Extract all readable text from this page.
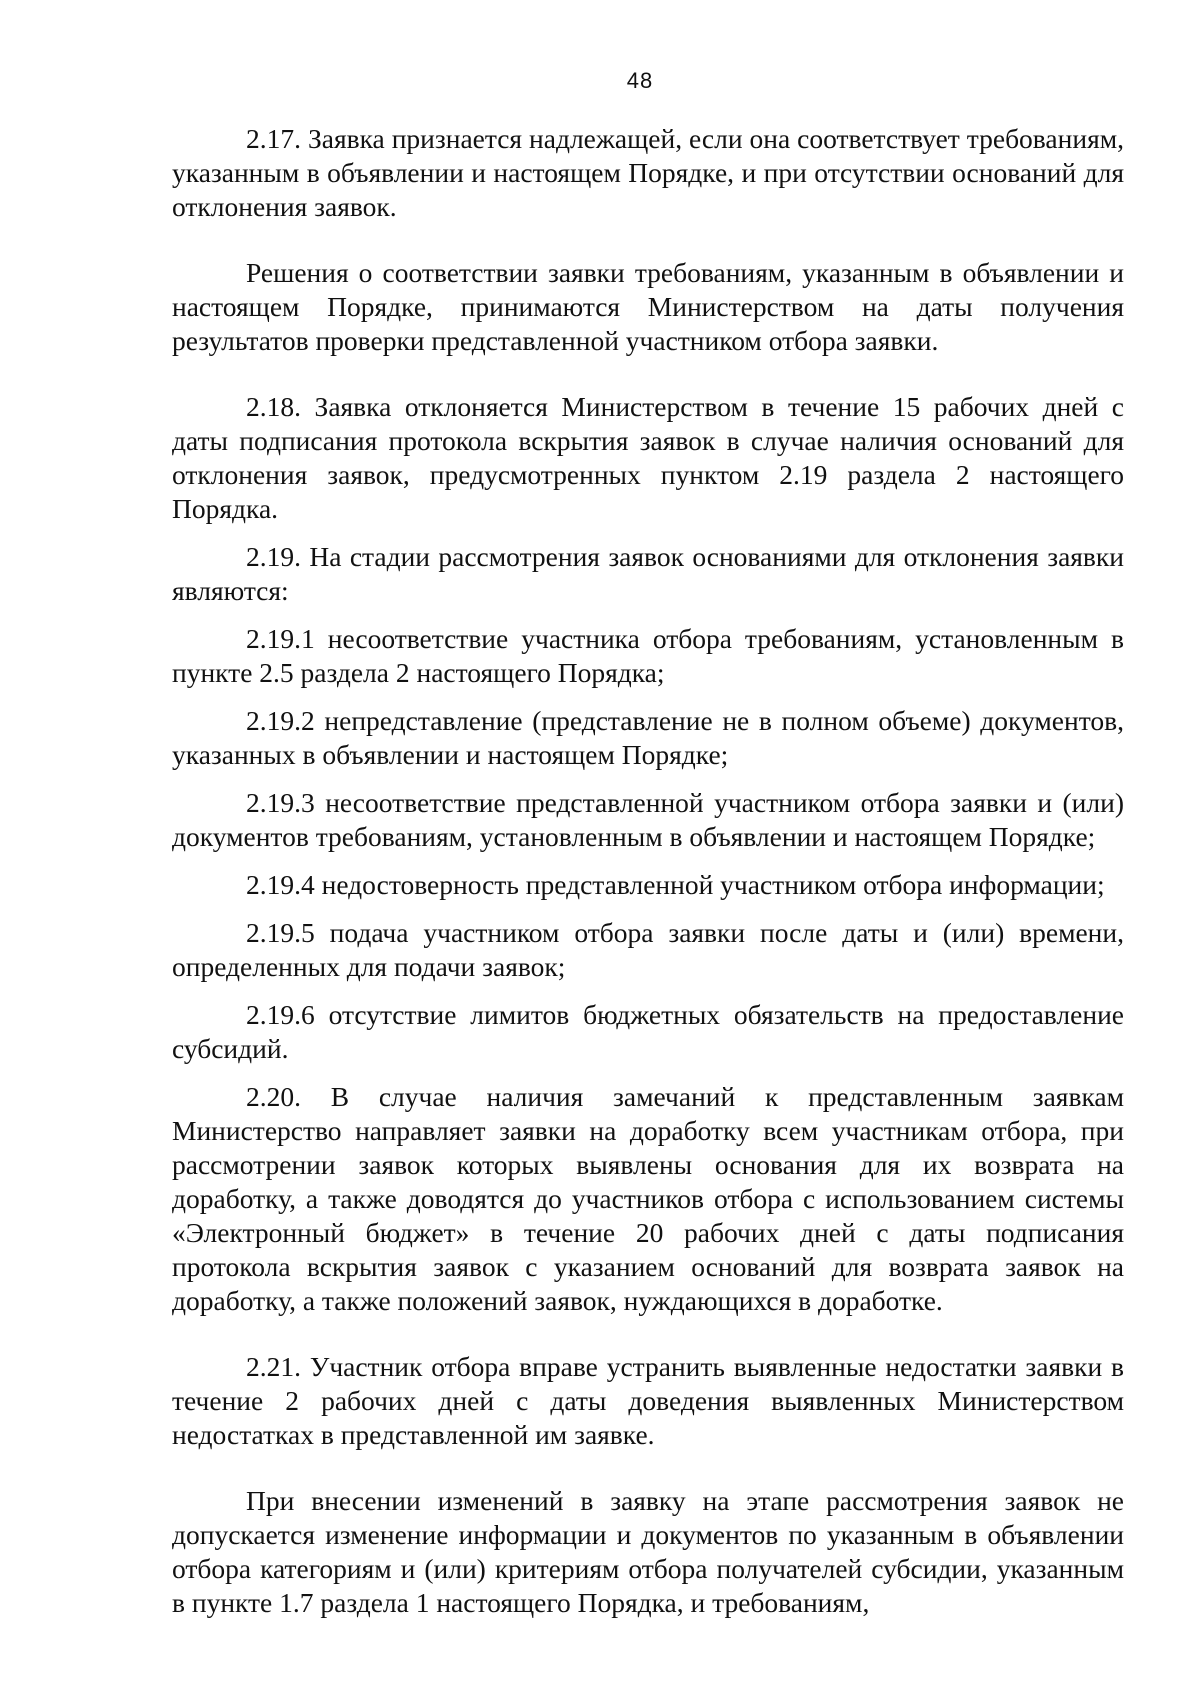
48

2.17. Заявка признается надлежащей, если она соответствует требованиям, указанным в объявлении и настоящем Порядке, и при отсутствии оснований для отклонения заявок.

Решения о соответствии заявки требованиям, указанным в объявлении и настоящем Порядке, принимаются Министерством на даты получения результатов проверки представленной участником отбора заявки.

2.18. Заявка отклоняется Министерством в течение 15 рабочих дней с даты подписания протокола вскрытия заявок в случае наличия оснований для отклонения заявок, предусмотренных пунктом 2.19 раздела 2 настоящего Порядка.

2.19. На стадии рассмотрения заявок основаниями для отклонения заявки являются:

2.19.1 несоответствие участника отбора требованиям, установленным в пункте 2.5 раздела 2 настоящего Порядка;

2.19.2 непредставление (представление не в полном объеме) документов, указанных в объявлении и настоящем Порядке;

2.19.3 несоответствие представленной участником отбора заявки и (или) документов требованиям, установленным в объявлении и настоящем Порядке;

2.19.4 недостоверность представленной участником отбора информации;

2.19.5 подача участником отбора заявки после даты и (или) времени, определенных для подачи заявок;

2.19.6 отсутствие лимитов бюджетных обязательств на предоставление субсидий.

2.20. В случае наличия замечаний к представленным заявкам Министерство направляет заявки на доработку всем участникам отбора, при рассмотрении заявок которых выявлены основания для их возврата на доработку, а также доводятся до участников отбора с использованием системы «Электронный бюджет» в течение 20 рабочих дней с даты подписания протокола вскрытия заявок с указанием оснований для возврата заявок на доработку, а также положений заявок, нуждающихся в доработке.

2.21. Участник отбора вправе устранить выявленные недостатки заявки в течение 2 рабочих дней с даты доведения выявленных Министерством недостатках в представленной им заявке.

При внесении изменений в заявку на этапе рассмотрения заявок не допускается изменение информации и документов по указанным в объявлении отбора категориям и (или) критериям отбора получателей субсидии, указанным в пункте 1.7 раздела 1 настоящего Порядка, и требованиям,
